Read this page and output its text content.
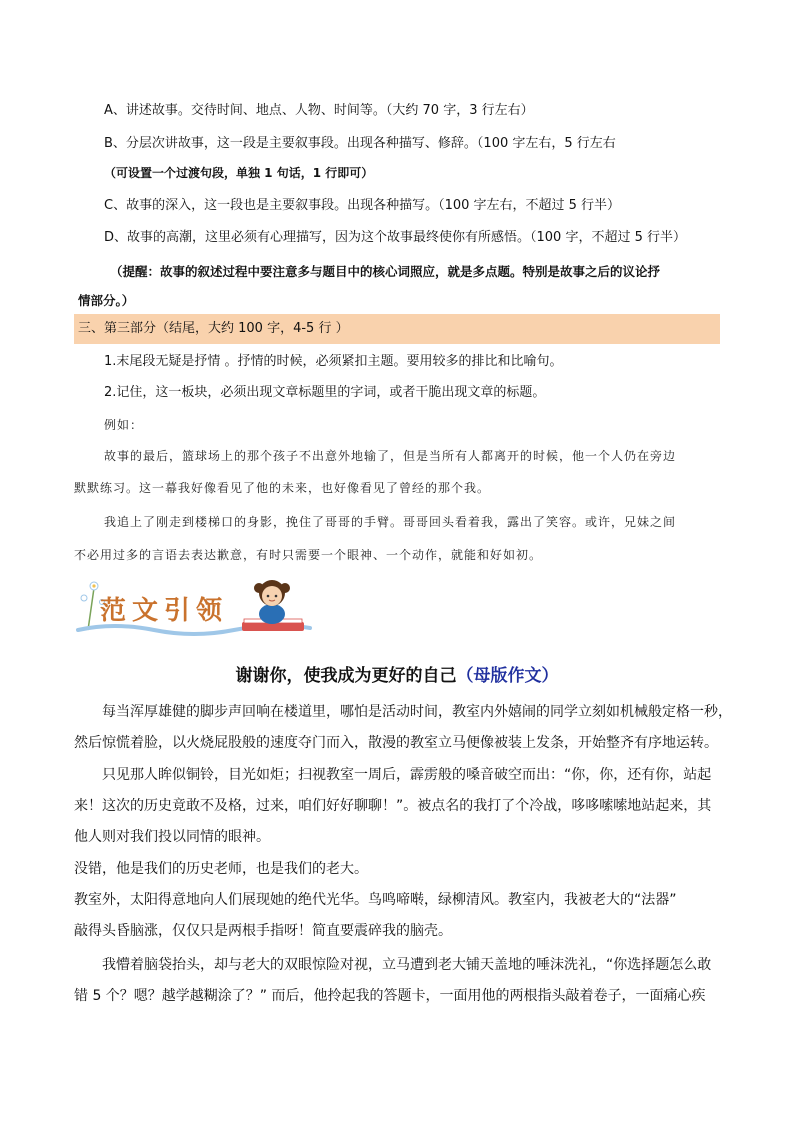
A、讲述故事。交待时间、地点、人物、时间等。（大约 70 字，3 行左右）
B、分层次讲故事，这一段是主要叙事段。出现各种描写、修辞。（100 字左右，5 行左右
（可设置一个过渡句段，单独 1 句话，1 行即可）
C、故事的深入，这一段也是主要叙事段。出现各种描写。（100 字左右，不超过 5 行半）
D、故事的高潮，这里必须有心理描写，因为这个故事最终使你有所感悟。（100 字，不超过 5 行半）
（提醒：故事的叙述过程中要注意多与题目中的核心词照应，就是多点题。特别是故事之后的议论抒
情部分。）
三、第三部分（结尾，大约 100 字，4-5 行 ）
1.末尾段无疑是抒情 。抒情的时候，必须紧扣主题。要用较多的排比和比喻句。
2.记住，这一板块，必须出现文章标题里的字词，或者干脆出现文章的标题。
例如：
故事的最后，篮球场上的那个孩子不出意外地输了，但是当所有人都离开的时候，他一个人仍在旁边
默默练习。这一幕我好像看见了他的未来，也好像看见了曾经的那个我。
我追上了刚走到楼梯口的身影，挽住了哥哥的手臂。哥哥回头看着我，露出了笑容。或许，兄妹之间
不必用过多的言语去表达歉意，有时只需要一个眼神、一个动作，就能和好如初。
范文引领
谢谢你，使我成为更好的自己（母版作文）
每当浑厚雄健的脚步声回响在楼道里，哪怕是活动时间，教室内外嬉闹的同学立刻如机械般定格一秒，
然后惊慌着脸，以火烧屁股般的速度夺门而入，散漫的教室立马便像被装上发条，开始整齐有序地运转。
只见那人眸似铜铃，目光如炬；扫视教室一周后，霹雳般的嗓音破空而出：“你，你，还有你，站起
来！这次的历史竟敢不及格，过来，咱们好好聊聊！”。被点名的我打了个冷战，哆哆嗦嗦地站起来，其
他人则对我们投以同情的眼神。
没错，他是我们的历史老师，也是我们的老大。
教室外，太阳得意地向人们展现她的绝代光华。鸟鸣啼啭，绿柳清风。教室内，我被老大的“法器”
敲得头昏脑涨，仅仅只是两根手指呀！简直要震碎我的脑壳。
我懵着脑袋抬头，却与老大的双眼惊险对视，立马遭到老大铺天盖地的唾沫洗礼，“你选择题怎么敢
错 5 个？嗯？越学越糊涂了？” 而后，他拎起我的答题卡，一面用他的两根指头敲着卷子，一面痛心疾
